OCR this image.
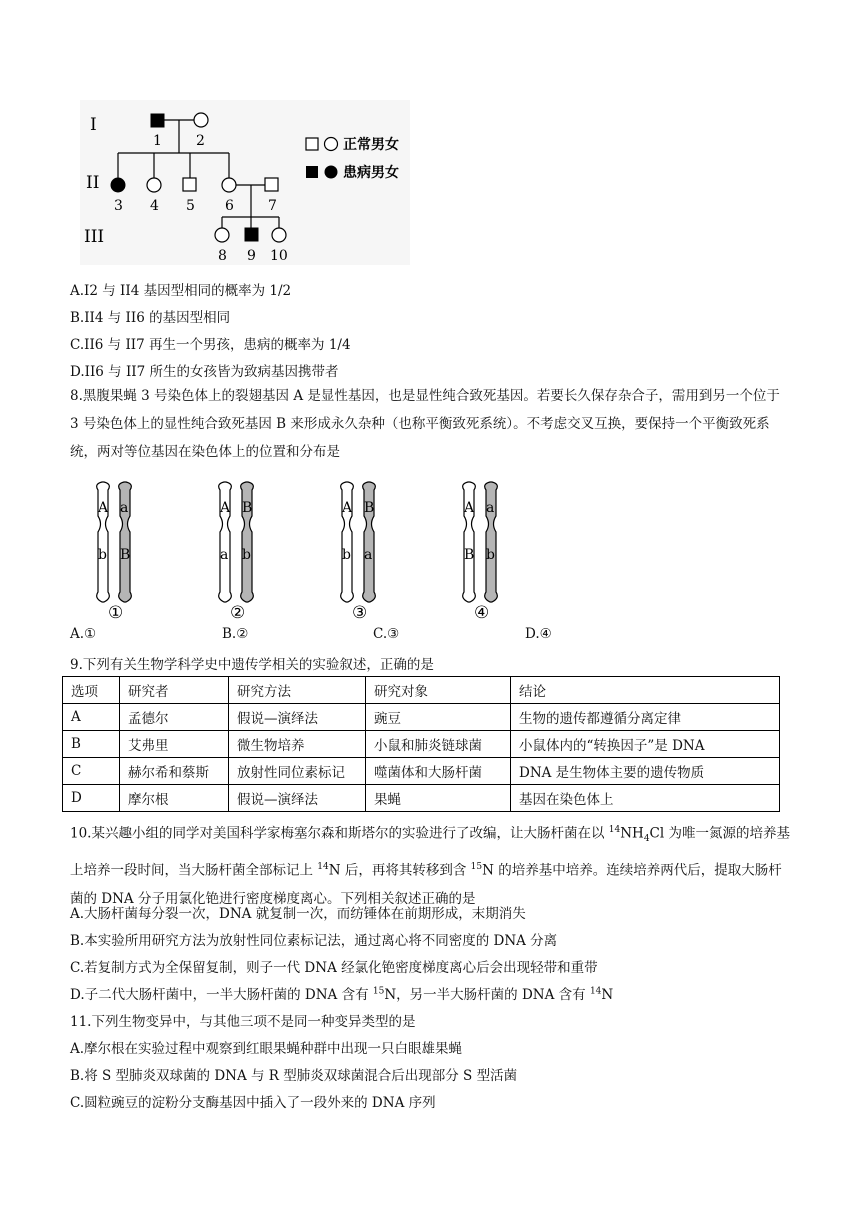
I
II
III
1 2
3 4 5 6 7
8 9 10
正常男女
患病男女
A.I2 与 II4 基因型相同的概率为 1/2
B.II4 与 II6 的基因型相同
C.II6 与 II7 再生一个男孩，患病的概率为 1/4
D.II6 与 II7 所生的女孩皆为致病基因携带者
8.黑腹果蝇 3 号染色体上的裂翅基因 A 是显性基因，也是显性纯合致死基因。若要长久保存杂合子，需用到另一个位于 3 号染色体上的显性纯合致死基因 B 来形成永久杂种（也称平衡致死系统）。不考虑交叉互换，要保持一个平衡致死系统，两对等位基因在染色体上的位置和分布是
A
b
a
B
①
A
a
B
b
②
A
b
B
a
③
A
B
a
b
④
A.①	B.②	C.③	D.④
9.下列有关生物学科学史中遗传学相关的实验叙述，正确的是
选项	研究者	研究方法	研究对象	结论
A	孟德尔	假说—演绎法	豌豆	生物的遗传都遵循分离定律
B	艾弗里	微生物培养	小鼠和肺炎链球菌	小鼠体内的“转换因子”是 DNA
C	赫尔希和蔡斯	放射性同位素标记	噬菌体和大肠杆菌	DNA 是生物体主要的遗传物质
D	摩尔根	假说—演绎法	果蝇	基因在染色体上
10.某兴趣小组的同学对美国科学家梅塞尔森和斯塔尔的实验进行了改编，让大肠杆菌在以 $^{14}NH_4Cl$ 为唯一氮源的培养基上培养一段时间，当大肠杆菌全部标记上 $^{14}$N 后，再将其转移到含 $^{15}$N 的培养基中培养。连续培养两代后，提取大肠杆菌的 DNA 分子用氯化铯进行密度梯度离心。下列相关叙述正确的是
A.大肠杆菌每分裂一次，DNA 就复制一次，而纺锤体在前期形成，末期消失
B.本实验所用研究方法为放射性同位素标记法，通过离心将不同密度的 DNA 分离
C.若复制方式为全保留复制，则子一代 DNA 经氯化铯密度梯度离心后会出现轻带和重带
D.子二代大肠杆菌中，一半大肠杆菌的 DNA 含有 $^{15}$N，另一半大肠杆菌的 DNA 含有 $^{14}$N
11.下列生物变异中，与其他三项不是同一种变异类型的是
A.摩尔根在实验过程中观察到红眼果蝇种群中出现一只白眼雄果蝇
B.将 S 型肺炎双球菌的 DNA 与 R 型肺炎双球菌混合后出现部分 S 型活菌
C.圆粒豌豆的淀粉分支酶基因中插入了一段外来的 DNA 序列
